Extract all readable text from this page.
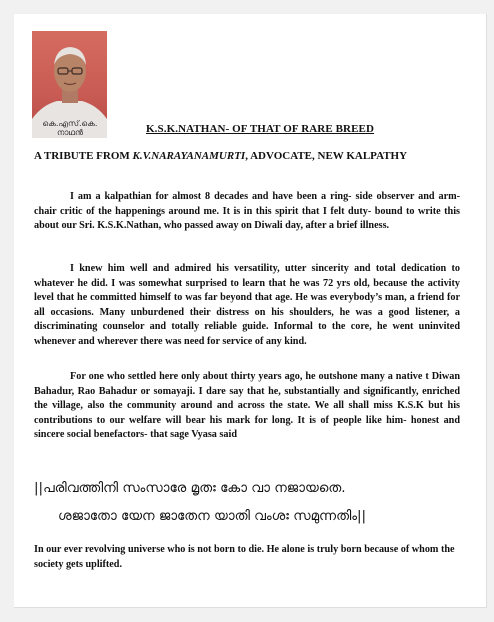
കെ.എസ്.കെ. നാഥൻ	K.S.K.NATHAN- OF THAT OF RARE BREED
A TRIBUTE FROM K.V.NARAYANAMURTI, ADVOCATE, NEW KALPATHY

I am a kalpathian for almost 8 decades and have been a ring- side observer and arm- chair critic of the happenings around me. It is in this spirit that I felt duty- bound to write this about our Sri. K.S.K.Nathan, who passed away on Diwali day, after a brief illness.

I knew him well and admired his versatility, utter sincerity and total dedication to whatever he did. I was somewhat surprised to learn that he was 72 yrs old, because the activity level that he committed himself to was far beyond that age. He was everybody’s man, a friend for all occasions. Many unburdened their distress on his shoulders, he was a good listener, a discriminating counselor and totally reliable guide. Informal to the core, he went uninvited whenever and wherever there was need for service of any kind.

For one who settled here only about thirty years ago, he outshone many a native t Diwan Bahadur, Rao Bahadur or somayaji. I dare say that he, substantially and significantly, enriched the village, also the community around and across the state. We all shall miss K.S.K but his contributions to our welfare will bear his mark for long. It is of people like him- honest and sincere social benefactors- that sage Vyasa said

||പരിവത്തിനി സംസാരേ മൃതഃ കോ വാ നജായതെ.
ശജാതോ യേന ജാതേന യാതി വംശഃ സമുന്നതിം||

In our ever revolving universe who is not born to die. He alone is truly born because of whom the society gets uplifted.
